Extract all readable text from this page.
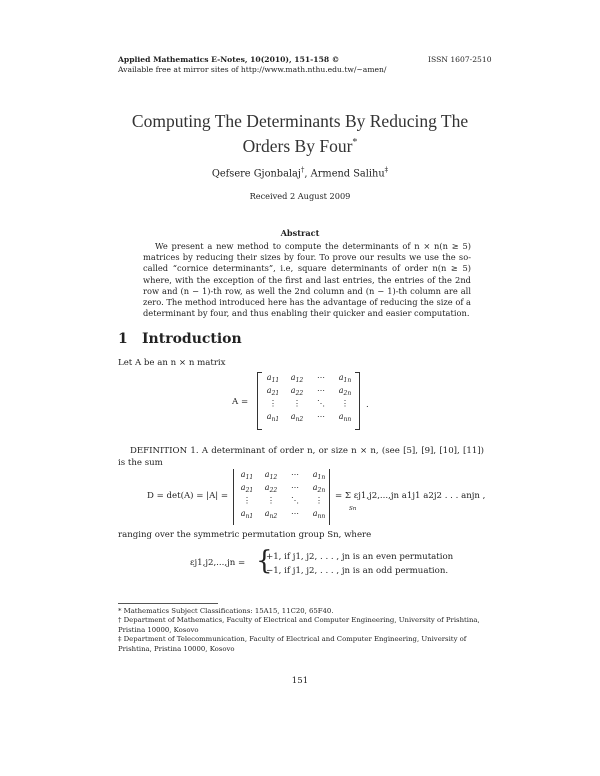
Applied Mathematics E-Notes, 10(2010), 151-158 ©
Available free at mirror sites of http://www.math.nthu.edu.tw/~amen/
ISSN 1607-2510
Computing The Determinants By Reducing The
Orders By Four*
Qefsere Gjonbalaj†, Armend Salihu‡
Received 2 August 2009
Abstract
We present a new method to compute the determinants of n × n(n ≥ 5) matrices by reducing their sizes by four. To prove our results we use the so-called “cornice determinants”, i.e, square determinants of order n(n ≥ 5) where, with the exception of the first and last entries, the entries of the 2nd row and (n − 1)-th row, as well the 2nd column and (n − 1)-th column are all zero. The method introduced here has the advantage of reducing the size of a determinant by four, and thus enabling their quicker and easier computation.
1 Introduction
Let A be an n × n matrix
A =
$a_{11}$	$a_{12}$	⋯	$a_{1n}$
$a_{21}$	$a_{22}$	⋯	$a_{2n}$
⋮	⋮	⋱	⋮
$a_{n1}$	$a_{n2}$	⋯	$a_{nn}$
.
DEFINITION 1. A determinant of order n, or size n × n, (see [5], [9], [10], [11]) is the sum
D = det(A) = |A| =
$a_{11}$	$a_{12}$	⋯	$a_{1n}$
$a_{21}$	$a_{22}$	⋯	$a_{2n}$
⋮	⋮	⋱	⋮
$a_{n1}$	$a_{n2}$	⋯	$a_{nn}$
= Σ εj1,j2,...,jn a1j1 a2j2 . . . anjn ,
Sn
ranging over the symmetric permutation group Sn, where
εj1,j2,...,jn = {
+1, if j1, j2, . . . , jn is an even permutation
−1, if j1, j2, . . . , jn is an odd permuation.
* Mathematics Subject Classifications: 15A15, 11C20, 65F40.
† Department of Mathematics, Faculty of Electrical and Computer Engineering, University of Prishtina, Pristina 10000, Kosovo
‡ Department of Telecommunication, Faculty of Electrical and Computer Engineering, University of Prishtina, Pristina 10000, Kosovo
151
